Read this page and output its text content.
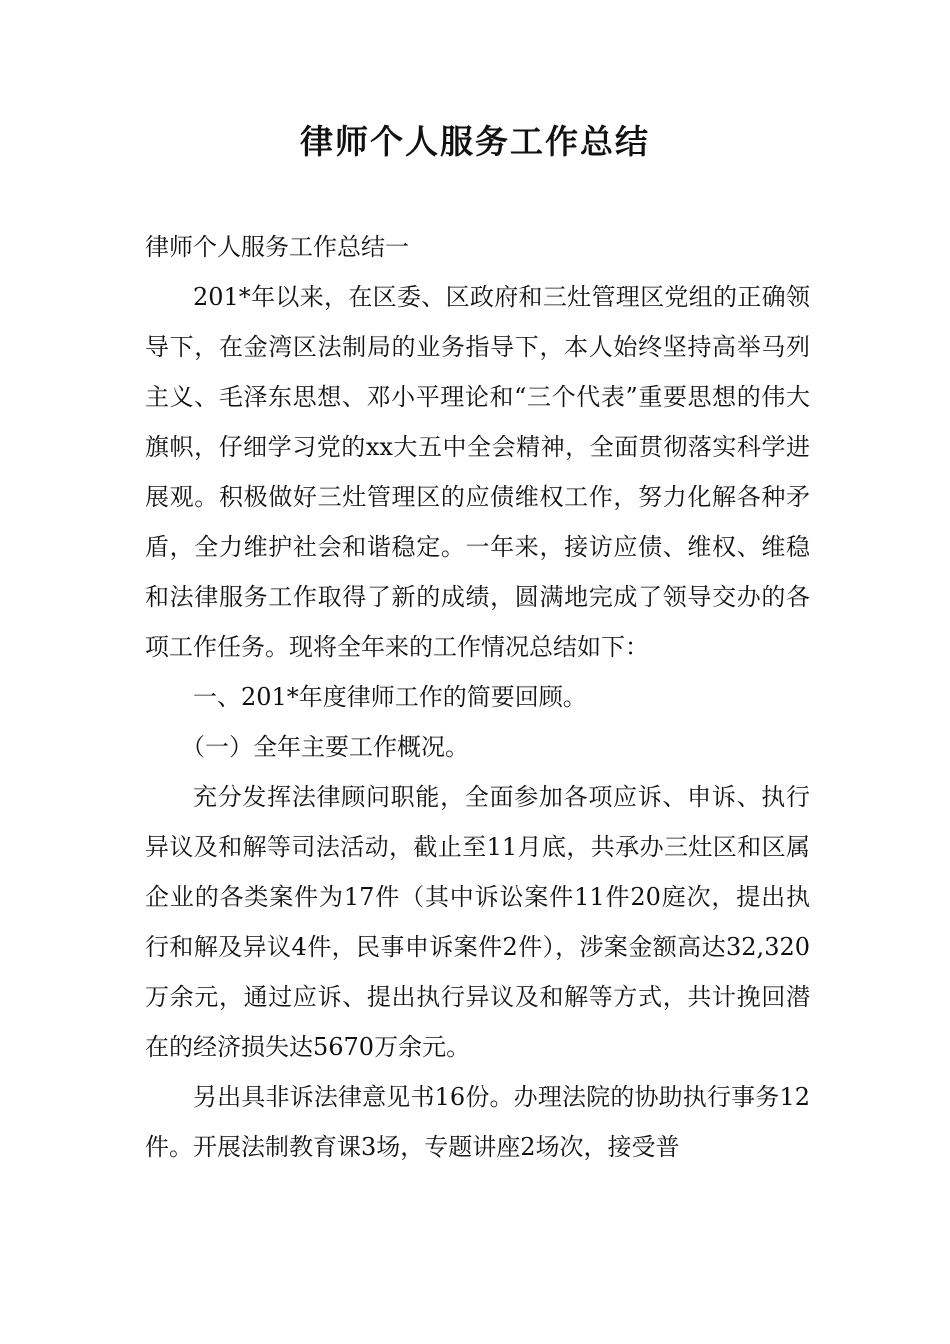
律师个人服务工作总结

律师个人服务工作总结一

201*年以来，在区委、区政府和三灶管理区党组的正确领导下，在金湾区法制局的业务指导下，本人始终坚持高举马列主义、毛泽东思想、邓小平理论和“三个代表”重要思想的伟大旗帜，仔细学习党的xx大五中全会精神，全面贯彻落实科学进展观。积极做好三灶管理区的应债维权工作，努力化解各种矛盾，全力维护社会和谐稳定。一年来，接访应债、维权、维稳和法律服务工作取得了新的成绩，圆满地完成了领导交办的各项工作任务。现将全年来的工作情况总结如下：

一、201*年度律师工作的简要回顾。

（一）全年主要工作概况。

充分发挥法律顾问职能，全面参加各项应诉、申诉、执行异议及和解等司法活动，截止至11月底，共承办三灶区和区属企业的各类案件为17件（其中诉讼案件11件20庭次，提出执行和解及异议4件，民事申诉案件2件），涉案金额高达32,320万余元，通过应诉、提出执行异议及和解等方式，共计挽回潜在的经济损失达5670万余元。

另出具非诉法律意见书16份。办理法院的协助执行事务12件。开展法制教育课3场，专题讲座2场次，接受普
